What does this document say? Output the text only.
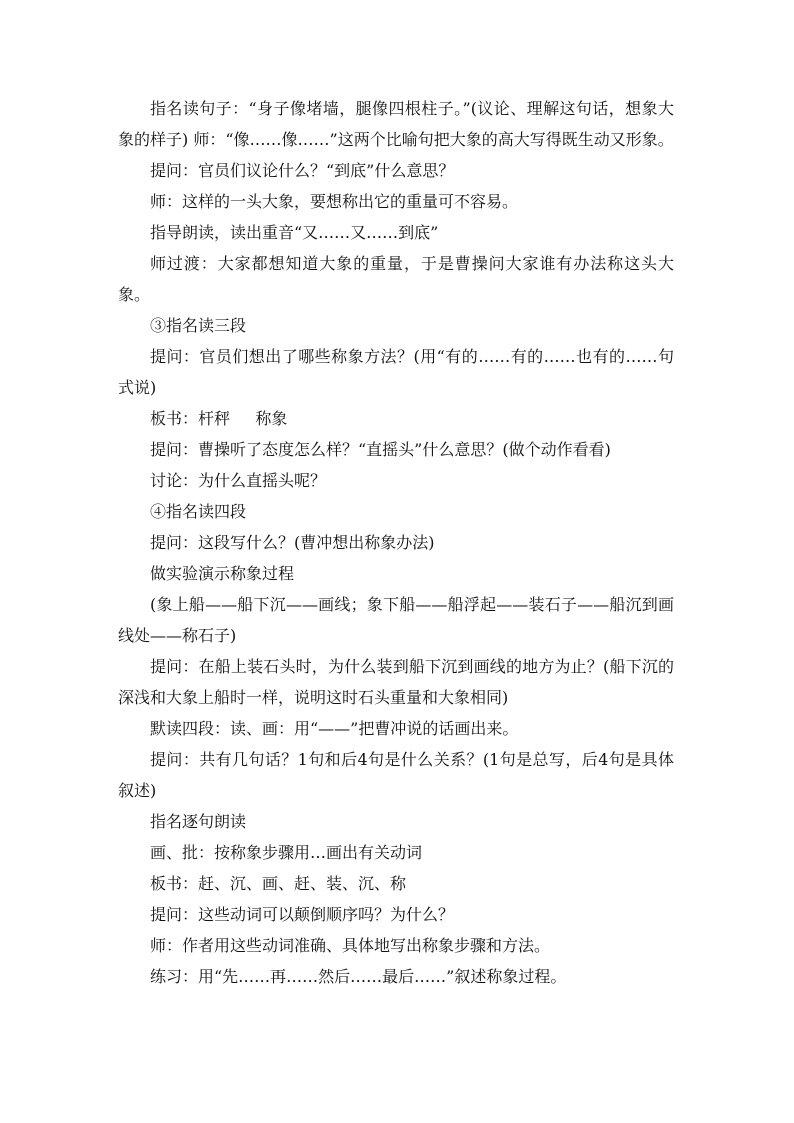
指名读句子：“身子像堵墙，腿像四根柱子。”(议论、理解这句话，想象大象的样子) 师：“像……像……”这两个比喻句把大象的高大写得既生动又形象。

提问：官员们议论什么？“到底”什么意思？

师：这样的一头大象，要想称出它的重量可不容易。

指导朗读，读出重音“又……又……到底”

师过渡：大家都想知道大象的重量，于是曹操问大家谁有办法称这头大象。

③指名读三段

提问：官员们想出了哪些称象方法？(用“有的……有的……也有的……句式说)

板书：杆秤     称象

提问：曹操听了态度怎么样？“直摇头”什么意思？(做个动作看看)

讨论：为什么直摇头呢？

④指名读四段

提问：这段写什么？(曹冲想出称象办法)

做实验演示称象过程

(象上船——船下沉——画线；象下船——船浮起——装石子——船沉到画线处——称石子)

提问：在船上装石头时，为什么装到船下沉到画线的地方为止？(船下沉的深浅和大象上船时一样，说明这时石头重量和大象相同)

默读四段：读、画：用“——”把曹冲说的话画出来。

提问：共有几句话？1句和后4句是什么关系？(1句是总写，后4句是具体叙述)

指名逐句朗读

画、批：按称象步骤用…画出有关动词

板书：赶、沉、画、赶、装、沉、称

提问：这些动词可以颠倒顺序吗？为什么？

师：作者用这些动词准确、具体地写出称象步骤和方法。

练习：用“先……再……然后……最后……”叙述称象过程。
